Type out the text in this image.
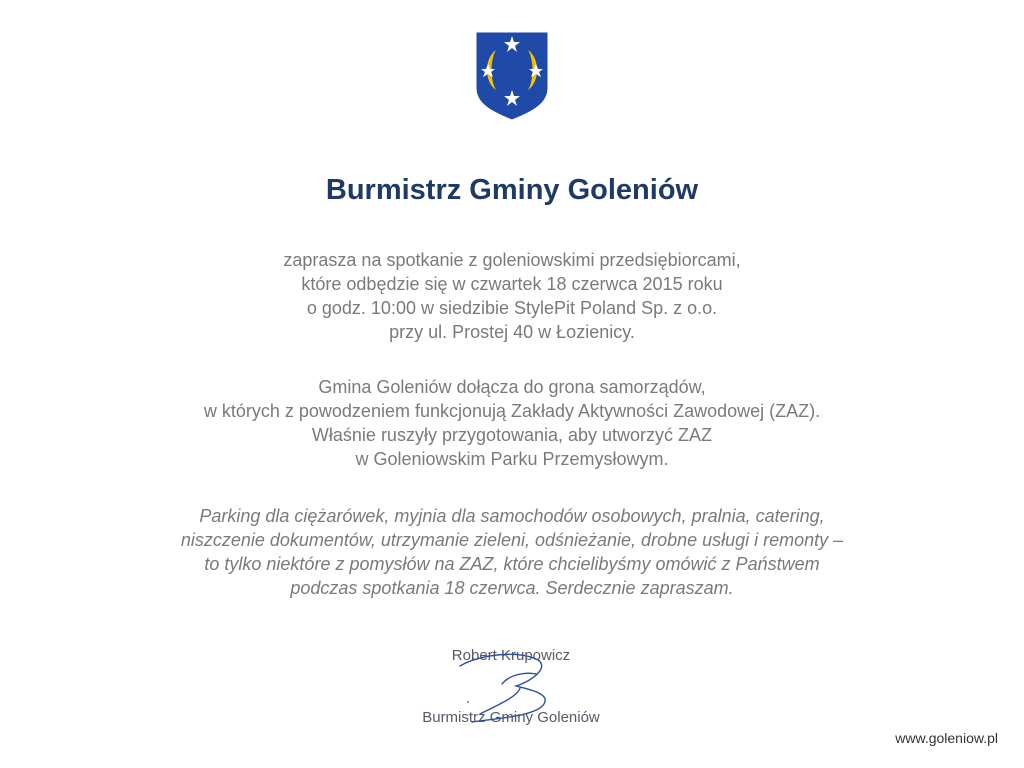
Burmistrz Gminy Goleniów

zaprasza na spotkanie z goleniowskimi przedsiębiorcami,
które odbędzie się w czwartek 18 czerwca 2015 roku
o godz. 10:00 w siedzibie StylePit Poland Sp. z o.o.
przy ul. Prostej 40 w Łozienicy.

Gmina Goleniów dołącza do grona samorządów,
w których z powodzeniem funkcjonują Zakłady Aktywności Zawodowej (ZAZ).
Właśnie ruszyły przygotowania, aby utworzyć ZAZ
w Goleniowskim Parku Przemysłowym.

Parking dla ciężarówek, myjnia dla samochodów osobowych, pralnia, catering,
niszczenie dokumentów, utrzymanie zieleni, odśnieżanie, drobne usługi i remonty –
to tylko niektóre z pomysłów na ZAZ, które chcielibyśmy omówić z Państwem
podczas spotkania 18 czerwca. Serdecznie zapraszam.

Robert Krupowicz
Burmistrz Gminy Goleniów
www.goleniow.pl
